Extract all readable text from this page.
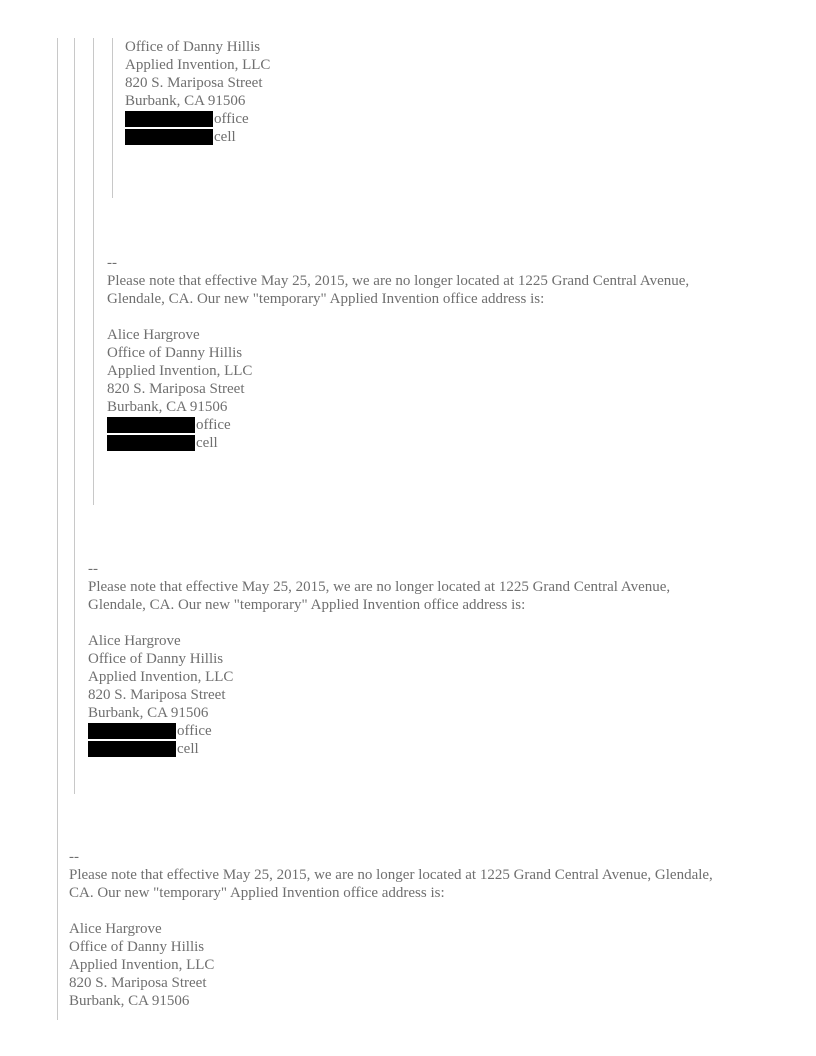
Office of Danny Hillis
Applied Invention, LLC
820 S. Mariposa Street
Burbank, CA 91506
office
cell
--

Please note that effective May 25, 2015, we are no longer located at 1225 Grand Central Avenue,

Glendale, CA. Our new "temporary" Applied Invention office address is:

Alice Hargrove
Office of Danny Hillis
Applied Invention, LLC
820 S. Mariposa Street
Burbank, CA 91506
office
cell
--

Please note that effective May 25, 2015, we are no longer located at 1225 Grand Central Avenue,

Glendale, CA. Our new "temporary" Applied Invention office address is:

Alice Hargrove
Office of Danny Hillis
Applied Invention, LLC
820 S. Mariposa Street
Burbank, CA 91506
office
cell
--

Please note that effective May 25, 2015, we are no longer located at 1225 Grand Central Avenue, Glendale,

CA. Our new "temporary" Applied Invention office address is:

Alice Hargrove
Office of Danny Hillis
Applied Invention, LLC
820 S. Mariposa Street
Burbank, CA 91506
